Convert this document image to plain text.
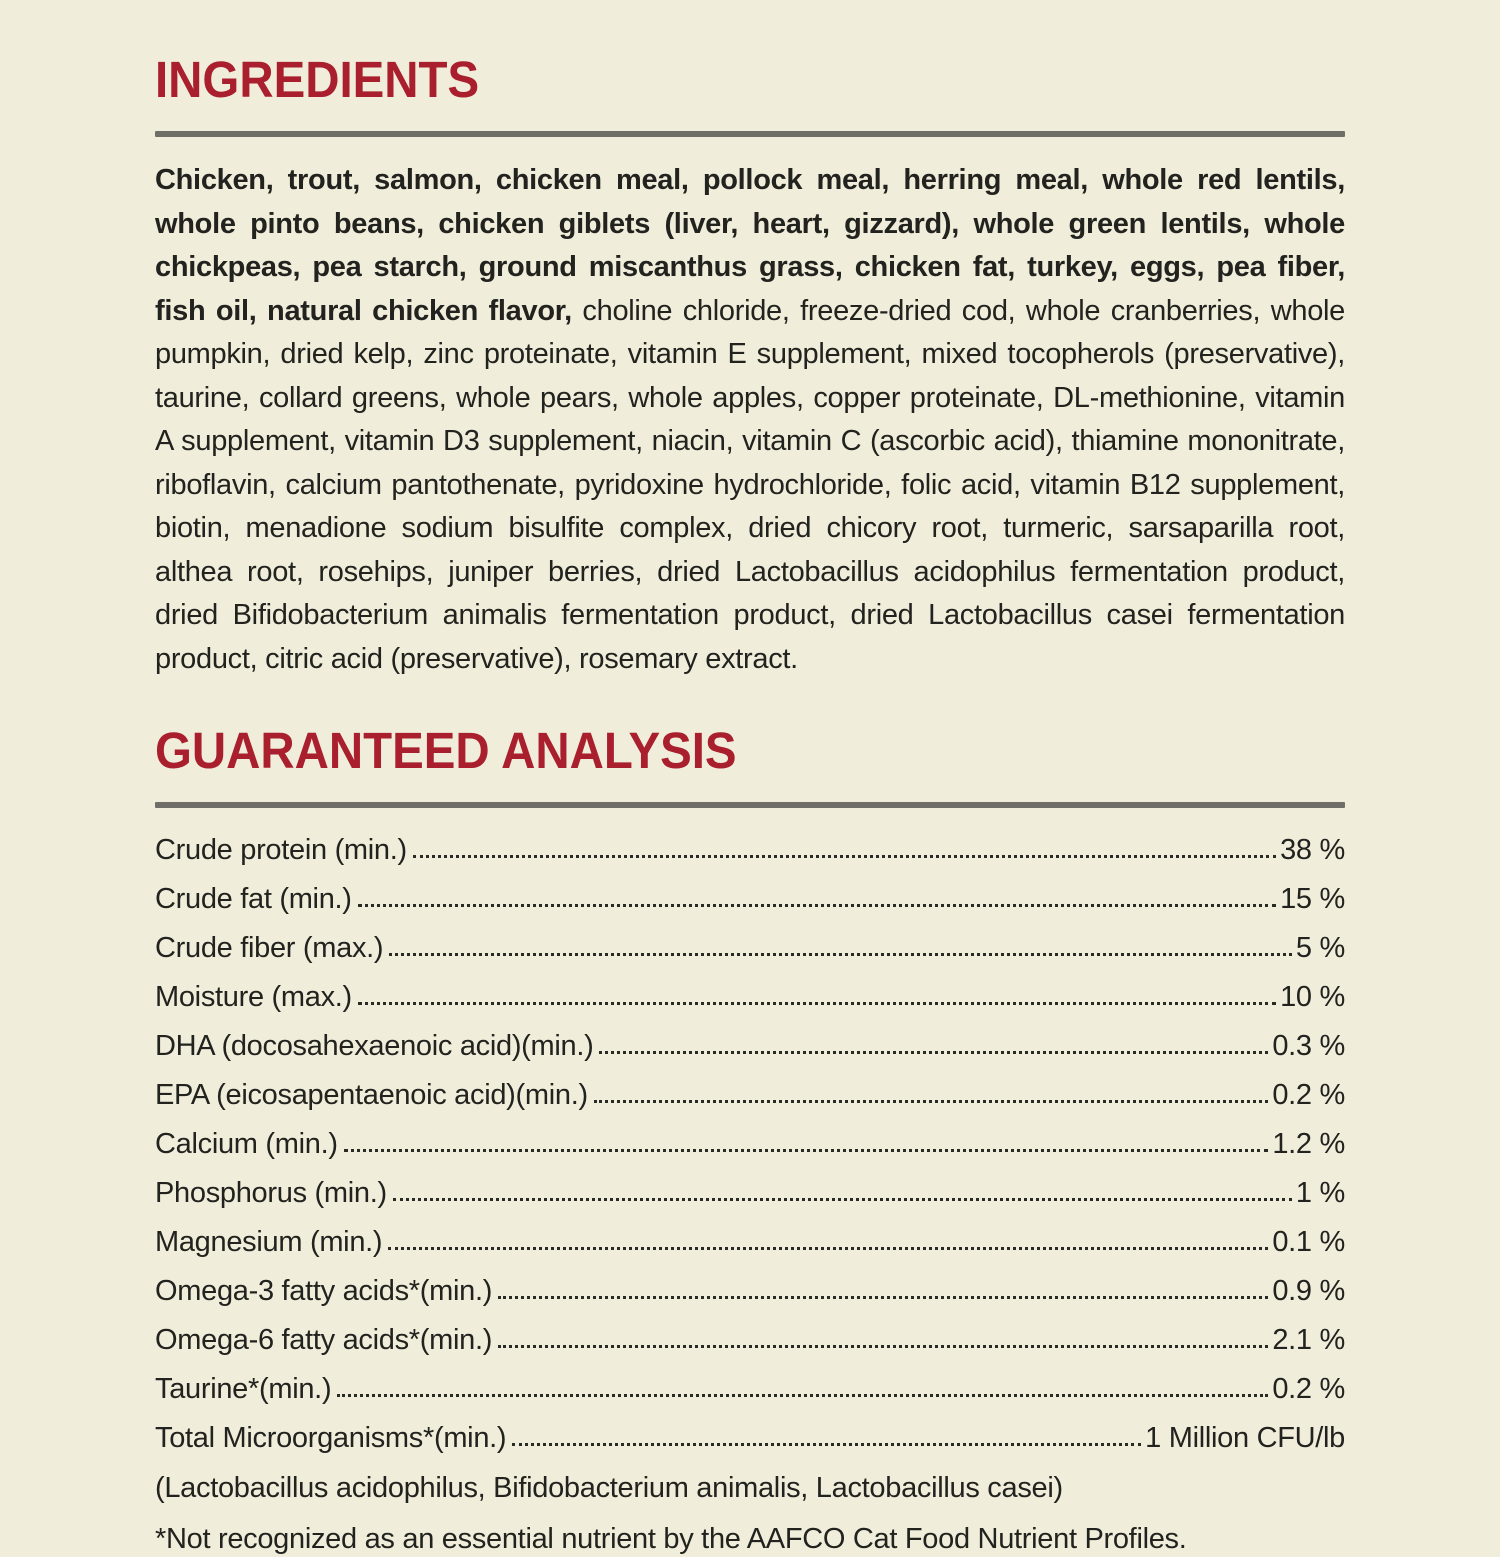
INGREDIENTS

Chicken, trout, salmon, chicken meal, pollock meal, herring meal, whole red lentils, whole pinto beans, chicken giblets (liver, heart, gizzard), whole green lentils, whole chickpeas, pea starch, ground miscanthus grass, chicken fat, turkey, eggs, pea fiber, fish oil, natural chicken flavor, choline chloride, freeze-dried cod, whole cranberries, whole pumpkin, dried kelp, zinc proteinate, vitamin E supplement, mixed tocopherols (preservative), taurine, collard greens, whole pears, whole apples, copper proteinate, DL-methionine, vitamin A supplement, vitamin D3 supplement, niacin, vitamin C (ascorbic acid), thiamine mononitrate, riboflavin, calcium pantothenate, pyridoxine hydrochloride, folic acid, vitamin B12 supplement, biotin, menadione sodium bisulfite complex, dried chicory root, turmeric, sarsaparilla root, althea root, rosehips, juniper berries, dried Lactobacillus acidophilus fermentation product, dried Bifidobacterium animalis fermentation product, dried Lactobacillus casei fermentation product, citric acid (preservative), rosemary extract.

GUARANTEED ANALYSIS
Crude protein (min.)	38 %
Crude fat (min.)	15 %
Crude fiber (max.)	5 %
Moisture (max.)	10 %
DHA (docosahexaenoic acid)(min.)	0.3 %
EPA (eicosapentaenoic acid)(min.)	0.2 %
Calcium (min.)	1.2 %
Phosphorus (min.)	1 %
Magnesium (min.)	0.1 %
Omega-3 fatty acids*(min.)	0.9 %
Omega-6 fatty acids*(min.)	2.1 %
Taurine*(min.)	0.2 %
Total Microorganisms*(min.)	1 Million CFU/lb

(Lactobacillus acidophilus, Bifidobacterium animalis, Lactobacillus casei)

*Not recognized as an essential nutrient by the AAFCO Cat Food Nutrient Profiles.
